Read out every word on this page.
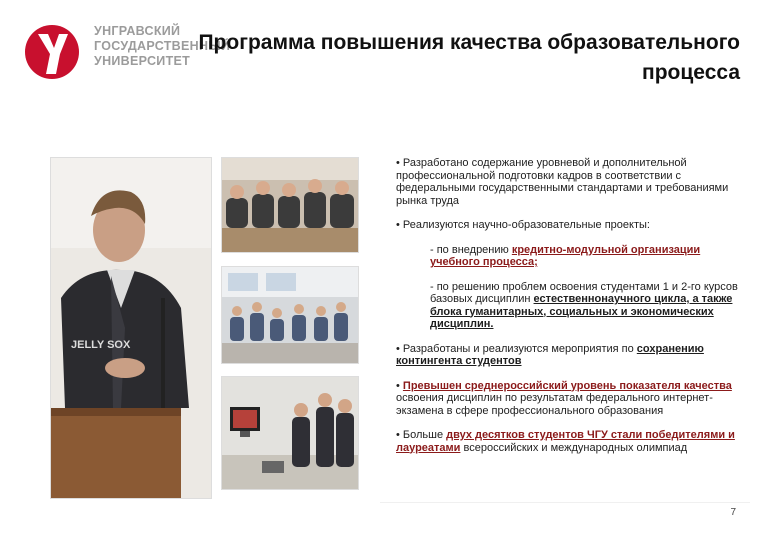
УНГРАВСКИЙ
ГОСУДАРСТВЕННЫЙ
УНИВЕРСИТЕТ
Программа повышения качества образовательного
процесса
JELLY SOX

• Разработано содержание уровневой и дополнительной профессиональной подготовки кадров в соответствии с федеральными государственными стандартами и требованиями рынка труда

• Реализуются научно-образовательные проекты:

- по внедрению кредитно-модульной организации учебного процесса;

- по решению проблем освоения студентами 1 и 2-го курсов базовых дисциплин естественнонаучного цикла, а также блока гуманитарных, социальных и экономических дисциплин.

• Разработаны и реализуются мероприятия по сохранению контингента студентов

• Превышен среднероссийский уровень показателя качества освоения дисциплин по результатам федерального интернет-экзамена в сфере профессионального образования

• Больше двух десятков студентов ЧГУ стали победителями и лауреатами всероссийских и международных олимпиад

7
